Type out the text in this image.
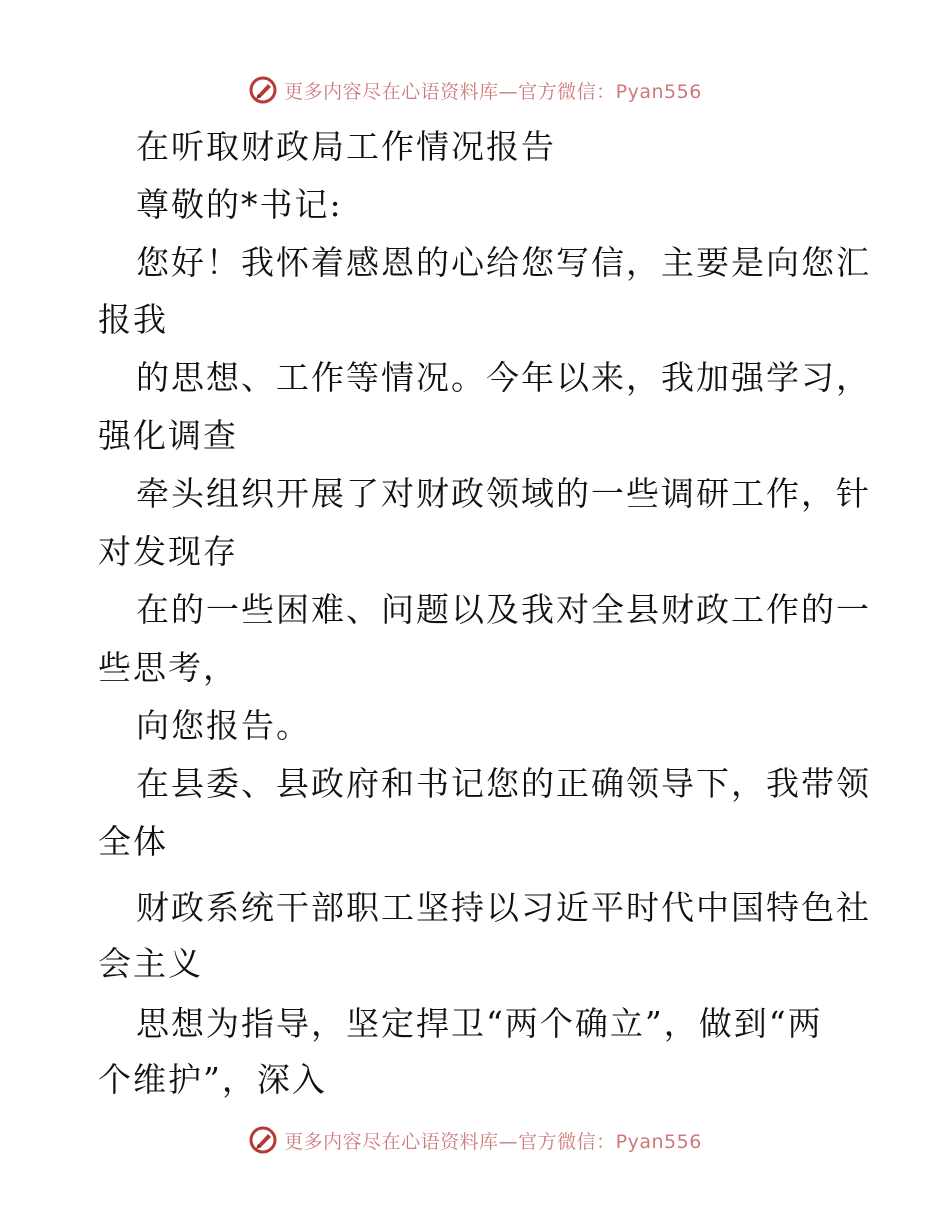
更多内容尽在心语资料库—官方微信：Pyan556
在听取财政局工作情况报告
尊敬的*书记:
您好！我怀着感恩的心给您写信，主要是向您汇
报我
的思想、工作等情况。今年以来，我加强学习，
强化调查
牵头组织开展了对财政领域的一些调研工作，针
对发现存
在的一些困难、问题以及我对全县财政工作的一
些思考，
向您报告。
在县委、县政府和书记您的正确领导下，我带领
全体
财政系统干部职工坚持以习近平时代中国特色社
会主义
思想为指导，坚定捍卫“两个确立”，做到“两
个维护”，深入
更多内容尽在心语资料库—官方微信：Pyan556
